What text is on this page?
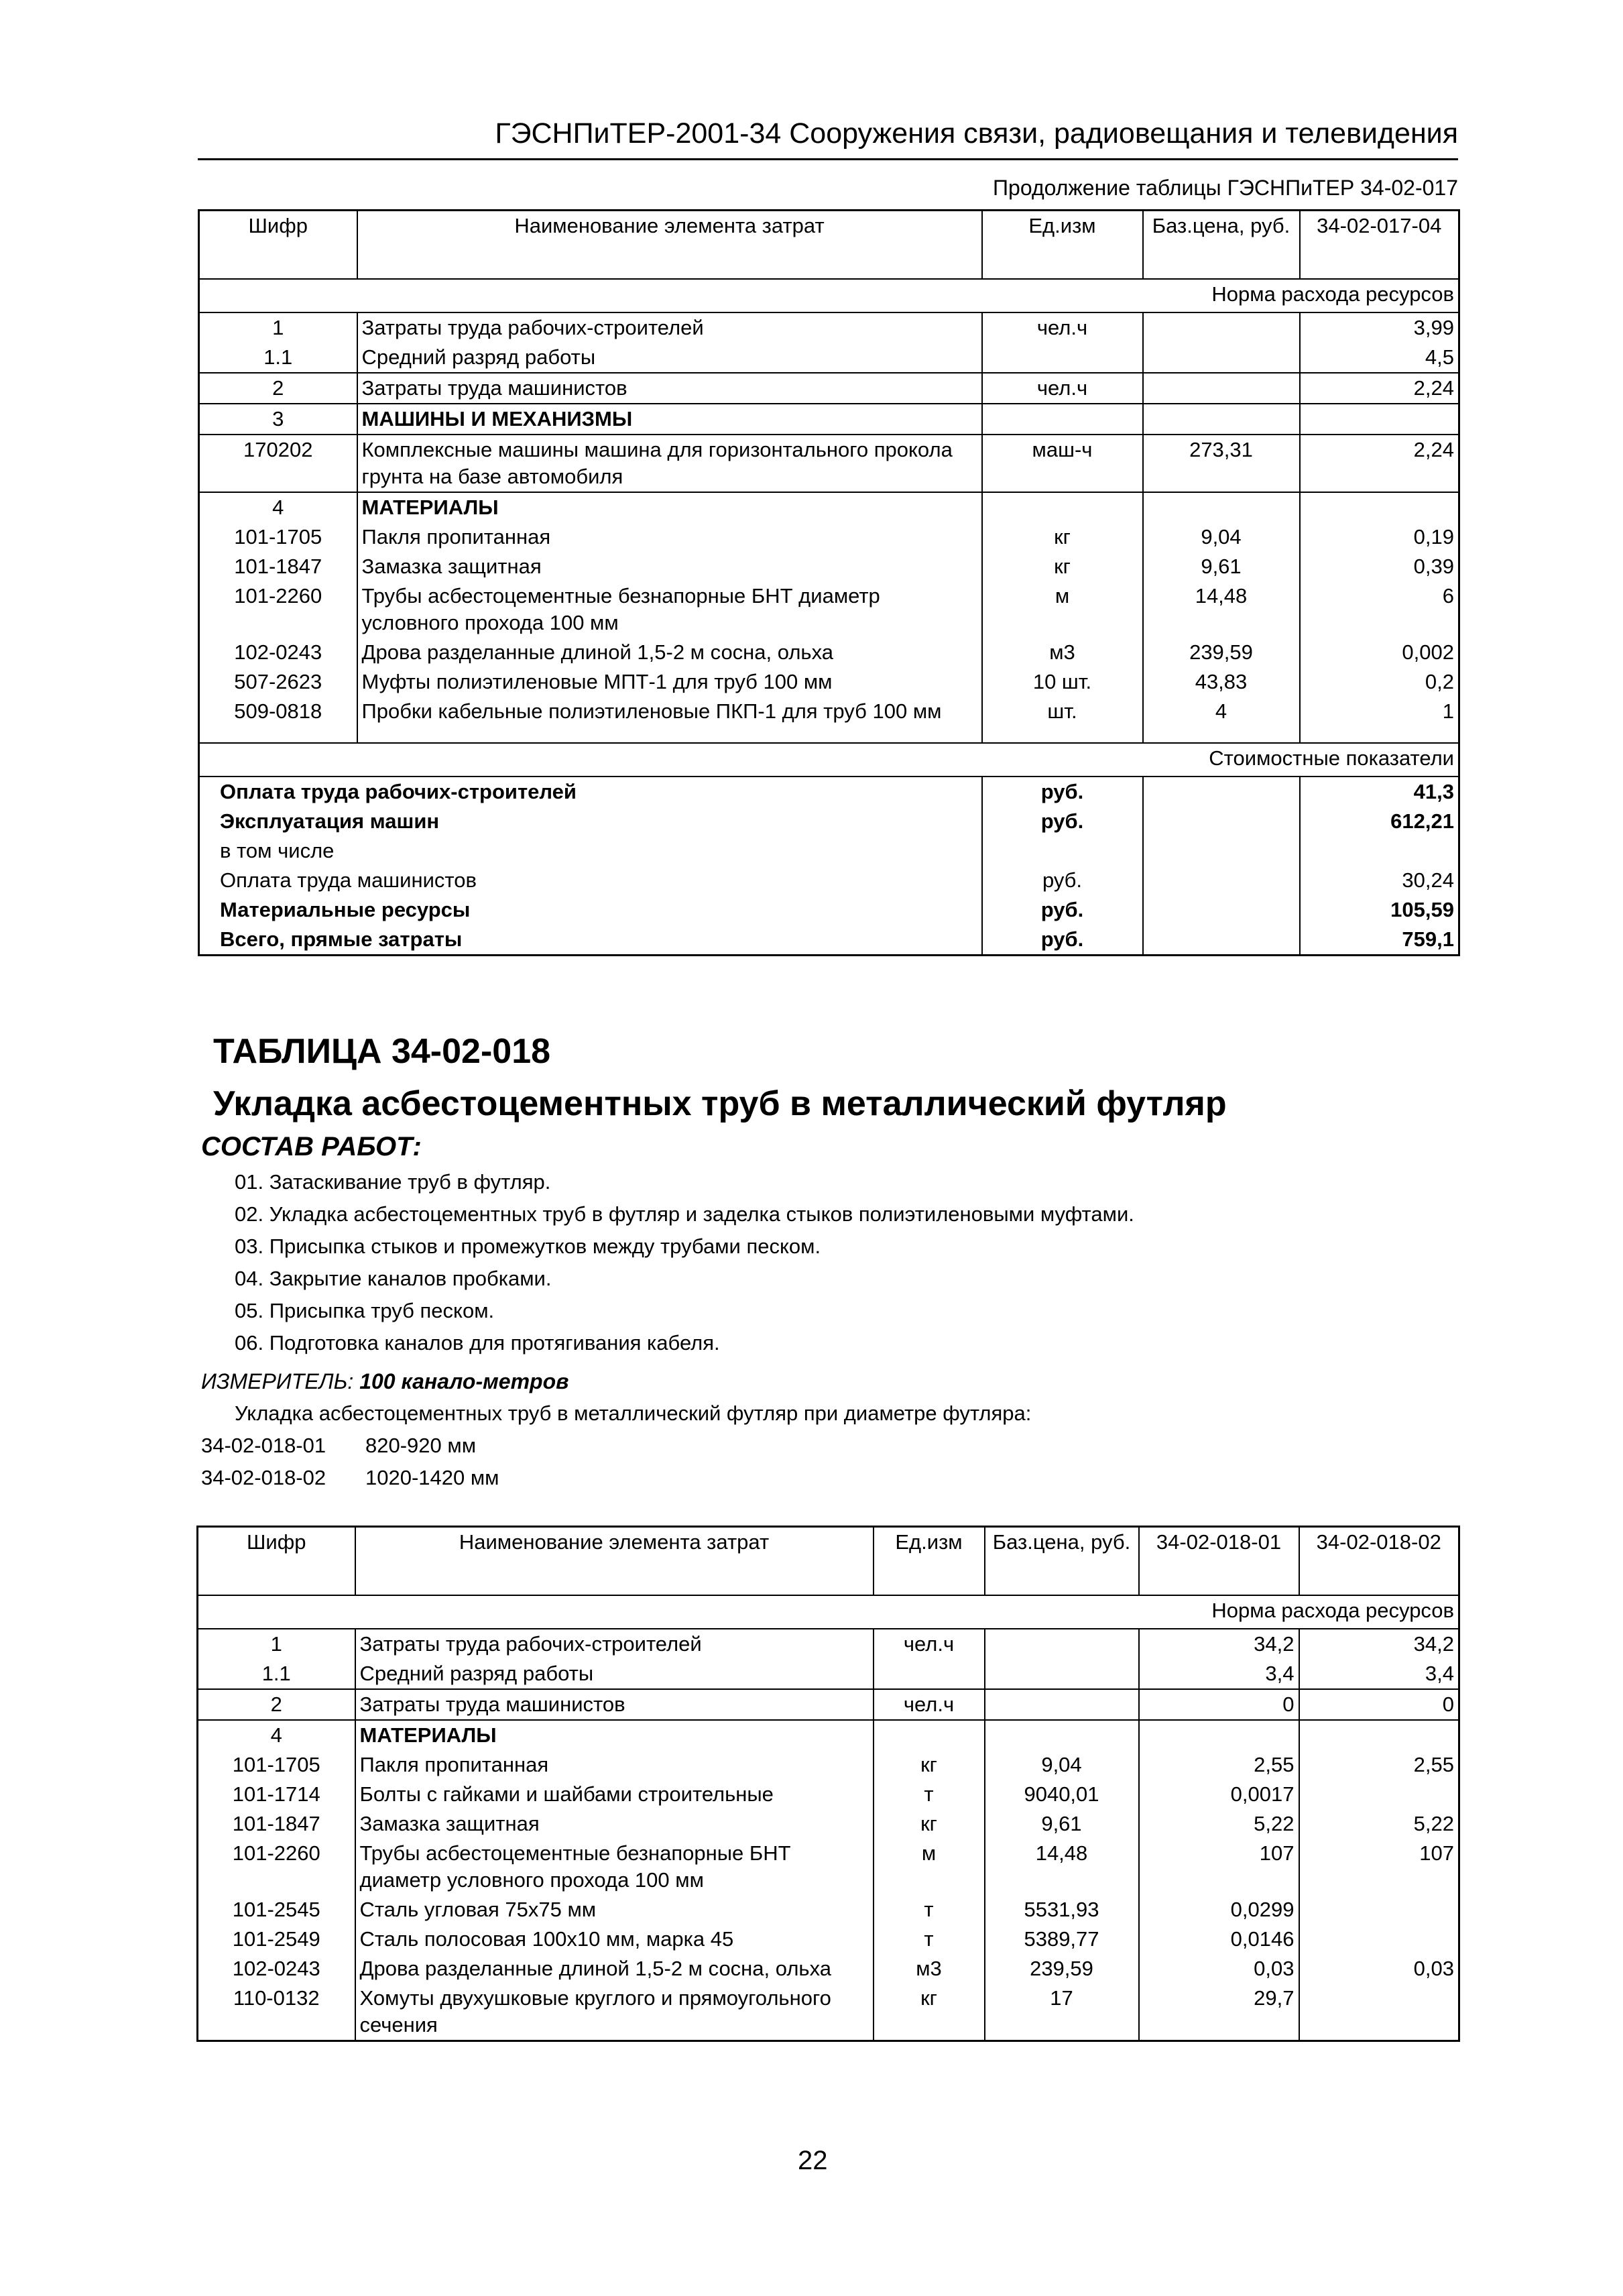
ГЭСНПиТЕР-2001-34 Сооружения связи, радиовещания и телевидения
Продолжение таблицы ГЭСНПиТЕР 34-02-017
Шифр	Наименование элемента затрат	Ед.изм	Баз.цена, руб.	34-02-017-04
Норма расхода ресурсов				
1	Затраты труда рабочих-строителей	чел.ч		3,99
1.1	Средний разряд работы			4,5
2	Затраты труда машинистов	чел.ч		2,24
3	МАШИНЫ И МЕХАНИЗМЫ			
170202	Комплексные машины машина для горизонтального прокола грунта на базе автомобиля	маш-ч	273,31	2,24
4	МАТЕРИАЛЫ			
101-1705	Пакля пропитанная	кг	9,04	0,19
101-1847	Замазка защитная	кг	9,61	0,39
101-2260	Трубы асбестоцементные безнапорные БНТ диаметр условного прохода 100 мм	м	14,48	6
102-0243	Дрова разделанные длиной 1,5-2 м сосна, ольха	м3	239,59	0,002
507-2623	Муфты полиэтиленовые МПТ-1 для труб 100 мм	10 шт.	43,83	0,2
509-0818	Пробки кабельные полиэтиленовые ПКП-1 для труб 100 мм	шт.	4	1

Стоимостные показатели				
Оплата труда рабочих-строителей		руб.		41,3
Эксплуатация машин		руб.		612,21
в том числе				
Оплата труда машинистов		руб.		30,24
Материальные ресурсы		руб.		105,59
Всего, прямые затраты		руб.		759,1
ТАБЛИЦА 34-02-018
Укладка асбестоцементных труб в металлический футляр
СОСТАВ РАБОТ:
01. Затаскивание труб в футляр.
02. Укладка асбестоцементных труб в футляр и заделка стыков полиэтиленовыми муфтами.
03. Присыпка стыков и промежутков между трубами песком.
04. Закрытие каналов пробками.
05. Присыпка труб песком.
06. Подготовка каналов для протягивания кабеля.
ИЗМЕРИТЕЛЬ: 100 канало-метров
Укладка асбестоцементных труб в металлический футляр при диаметре футляра:
34-02-018-01 820-920 мм
34-02-018-02 1020-1420 мм
Шифр	Наименование элемента затрат	Ед.изм	Баз.цена, руб.	34-02-018-01	34-02-018-02
Норма расхода ресурсов					
1	Затраты труда рабочих-строителей	чел.ч		34,2	34,2
1.1	Средний разряд работы			3,4	3,4
2	Затраты труда машинистов	чел.ч		0	0
4	МАТЕРИАЛЫ				
101-1705	Пакля пропитанная	кг	9,04	2,55	2,55
101-1714	Болты с гайками и шайбами строительные	т	9040,01	0,0017	
101-1847	Замазка защитная	кг	9,61	5,22	5,22
101-2260	Трубы асбестоцементные безнапорные БНТ диаметр условного прохода 100 мм	м	14,48	107	107
101-2545	Сталь угловая 75x75 мм	т	5531,93	0,0299	
101-2549	Сталь полосовая 100x10 мм, марка 45	т	5389,77	0,0146	
102-0243	Дрова разделанные длиной 1,5-2 м сосна, ольха	м3	239,59	0,03	0,03
110-0132	Хомуты двухушковые круглого и прямоугольного сечения	кг	17	29,7	
22
